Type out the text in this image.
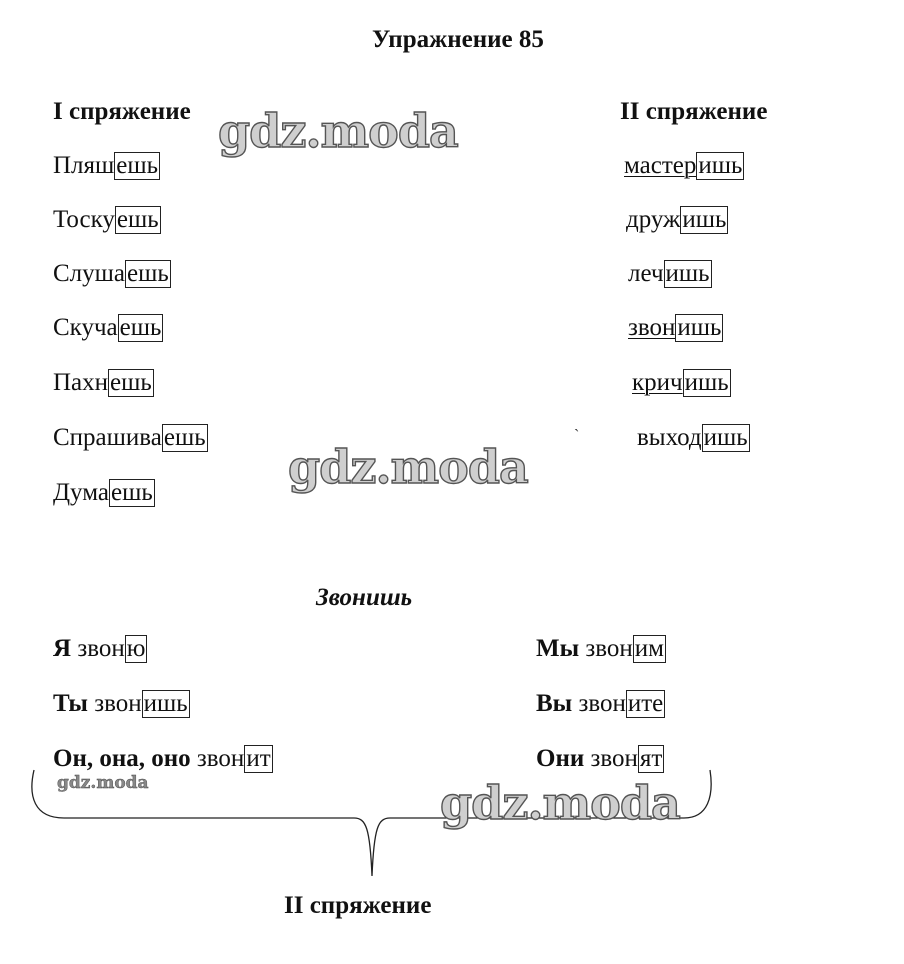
Упражнение 85
I спряжение	II спряжение
Пляшешь
Тоскуешь
Слушаешь
Скучаешь
Пахнешь
Спрашиваешь
Думаешь
мастеришь
дружишь
лечишь
звонишь
кричишь
выходишь
`
Звонишь
Я звоню
Ты звонишь
Он, она, оно звонит
Мы звоним
Вы звоните
Они звонят
II спряжение
gdz.moda
gdz.moda
gdz.moda
gdz.moda
